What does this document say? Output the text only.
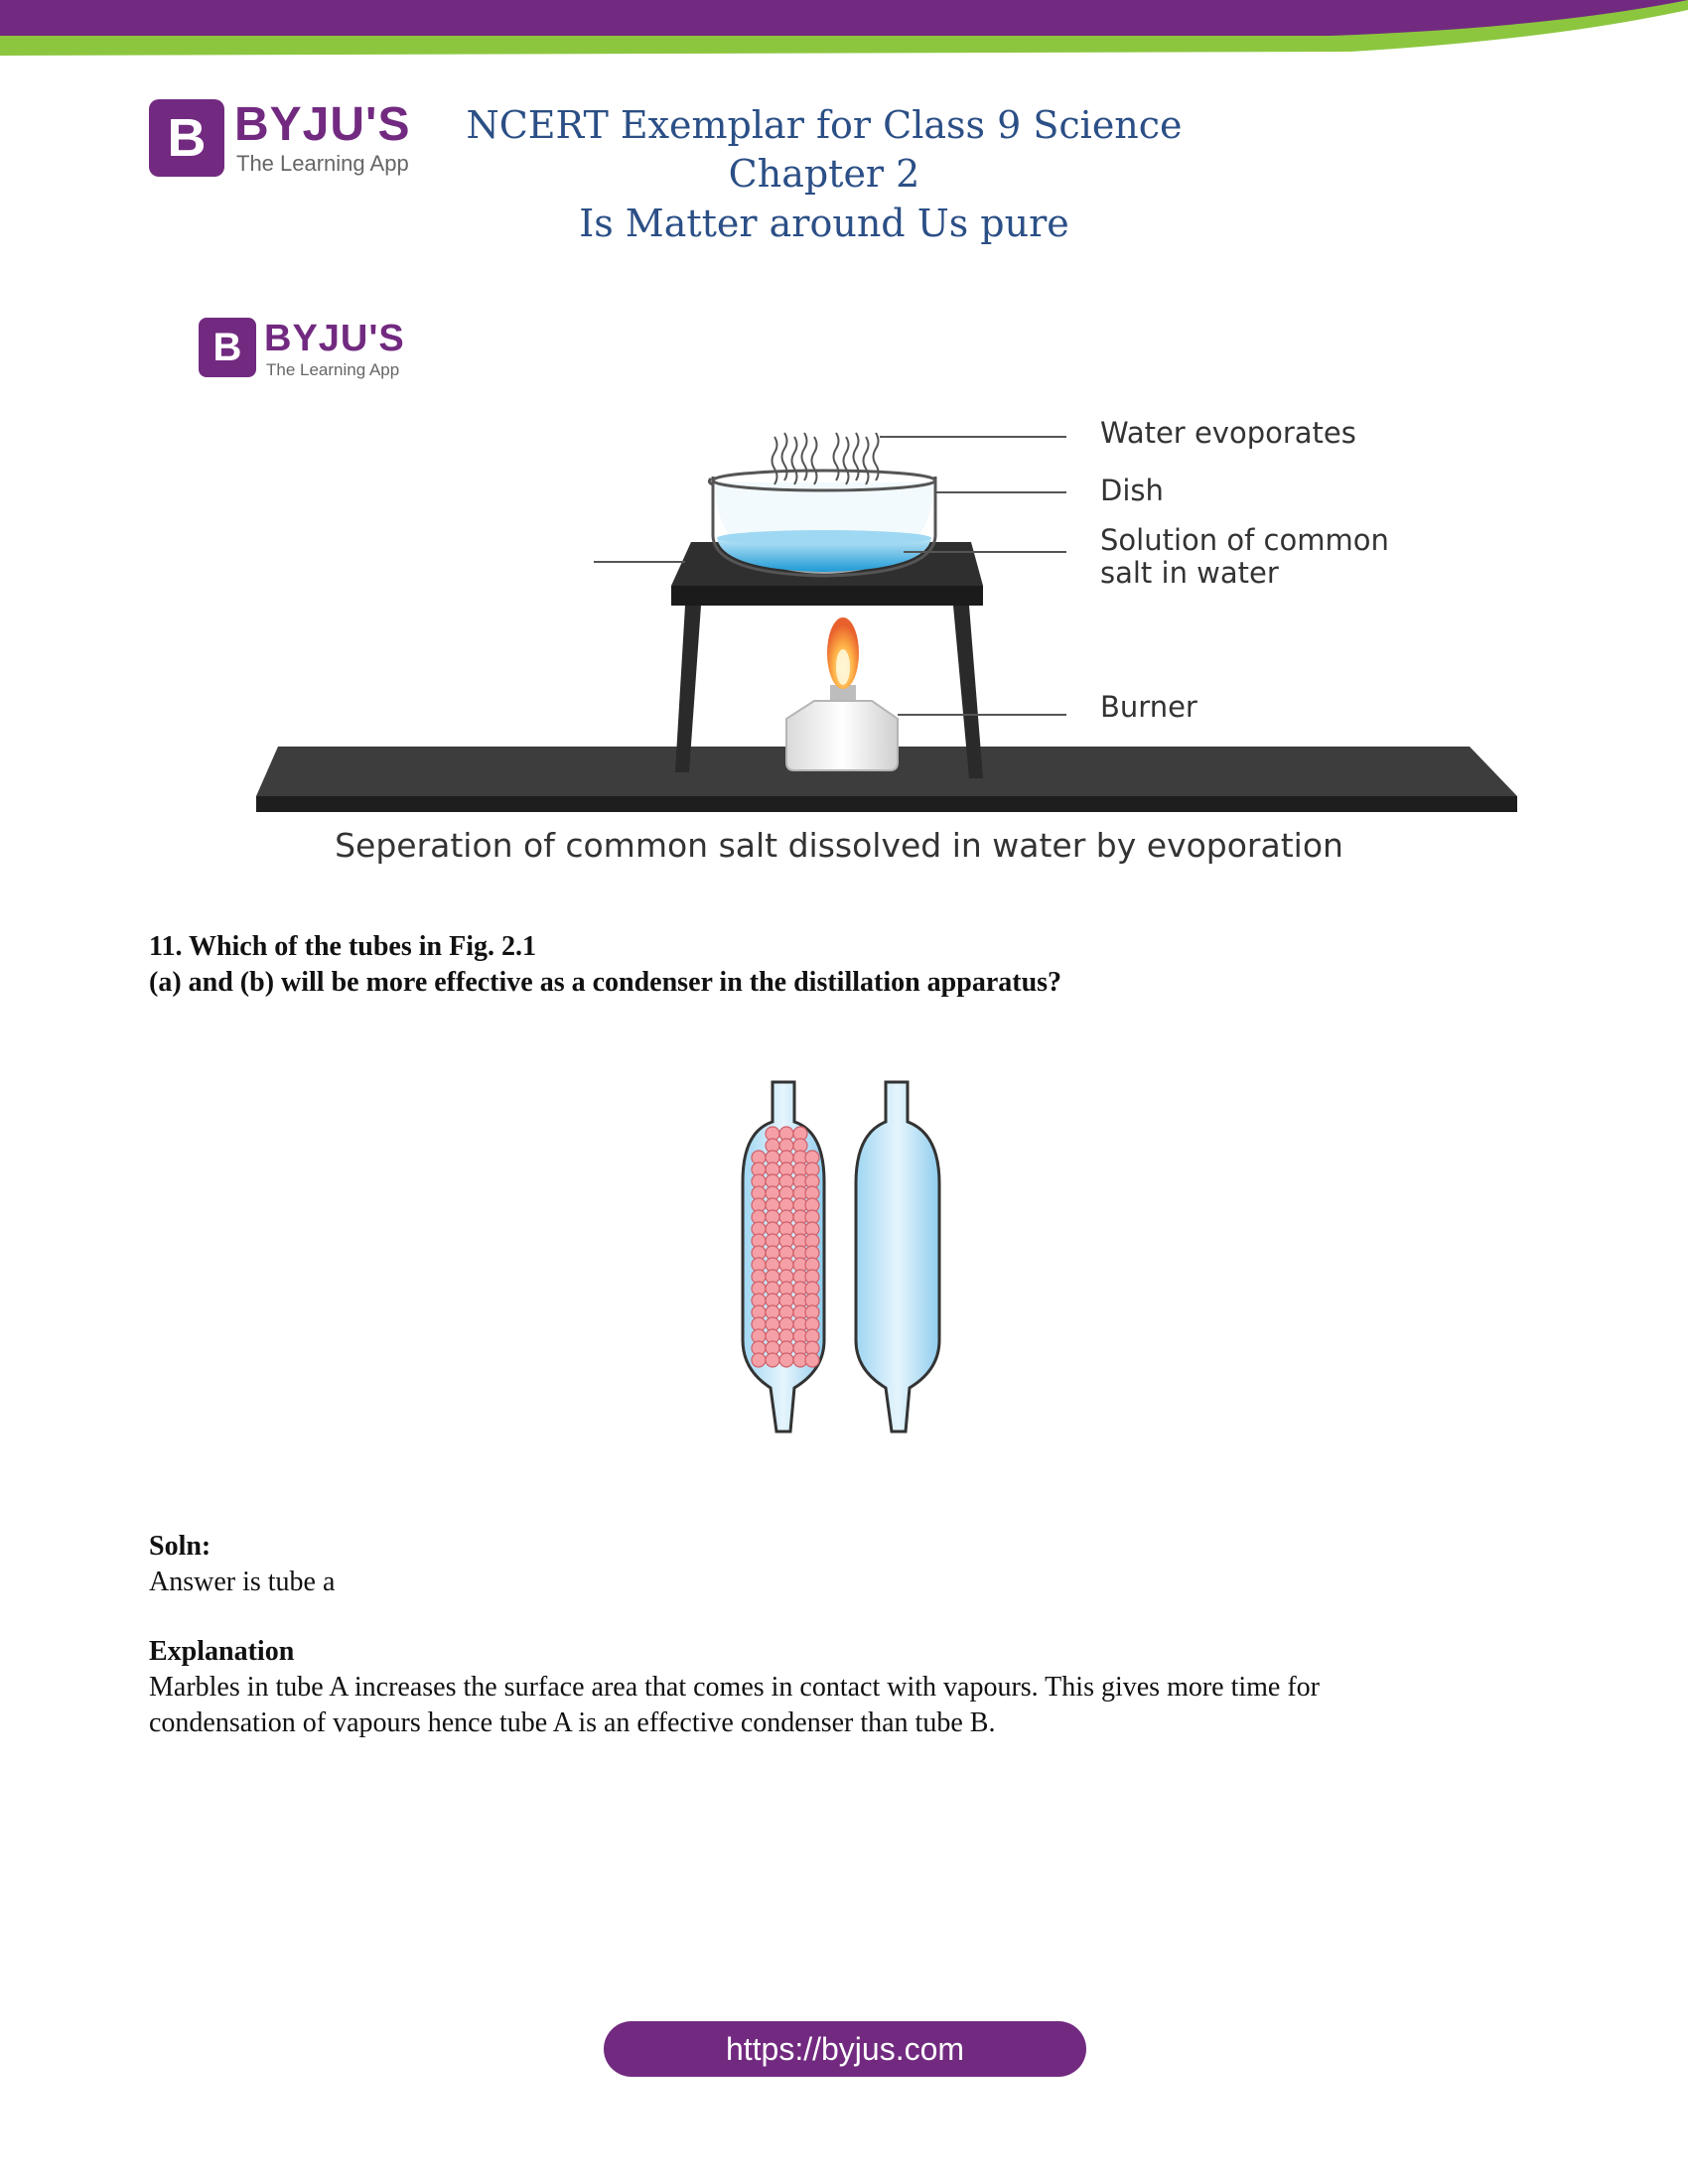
B BYJU'S
The Learning App
NCERT Exemplar for Class 9 Science Chapter 2
Is Matter around Us pure
B BYJU'S
The Learning App
Water evoporates
Dish
Solution of common
salt in water
Burner
Seperation of common salt dissolved in water by evoporation
11. Which of the tubes in Fig. 2.1
(a) and (b) will be more effective as a condenser in the distillation apparatus?
Soln:
Answer is tube a
Explanation
Marbles in tube A increases the surface area that comes in contact with vapours. This gives more time for
condensation of vapours hence tube A is an effective condenser than tube B.
https://byjus.com
